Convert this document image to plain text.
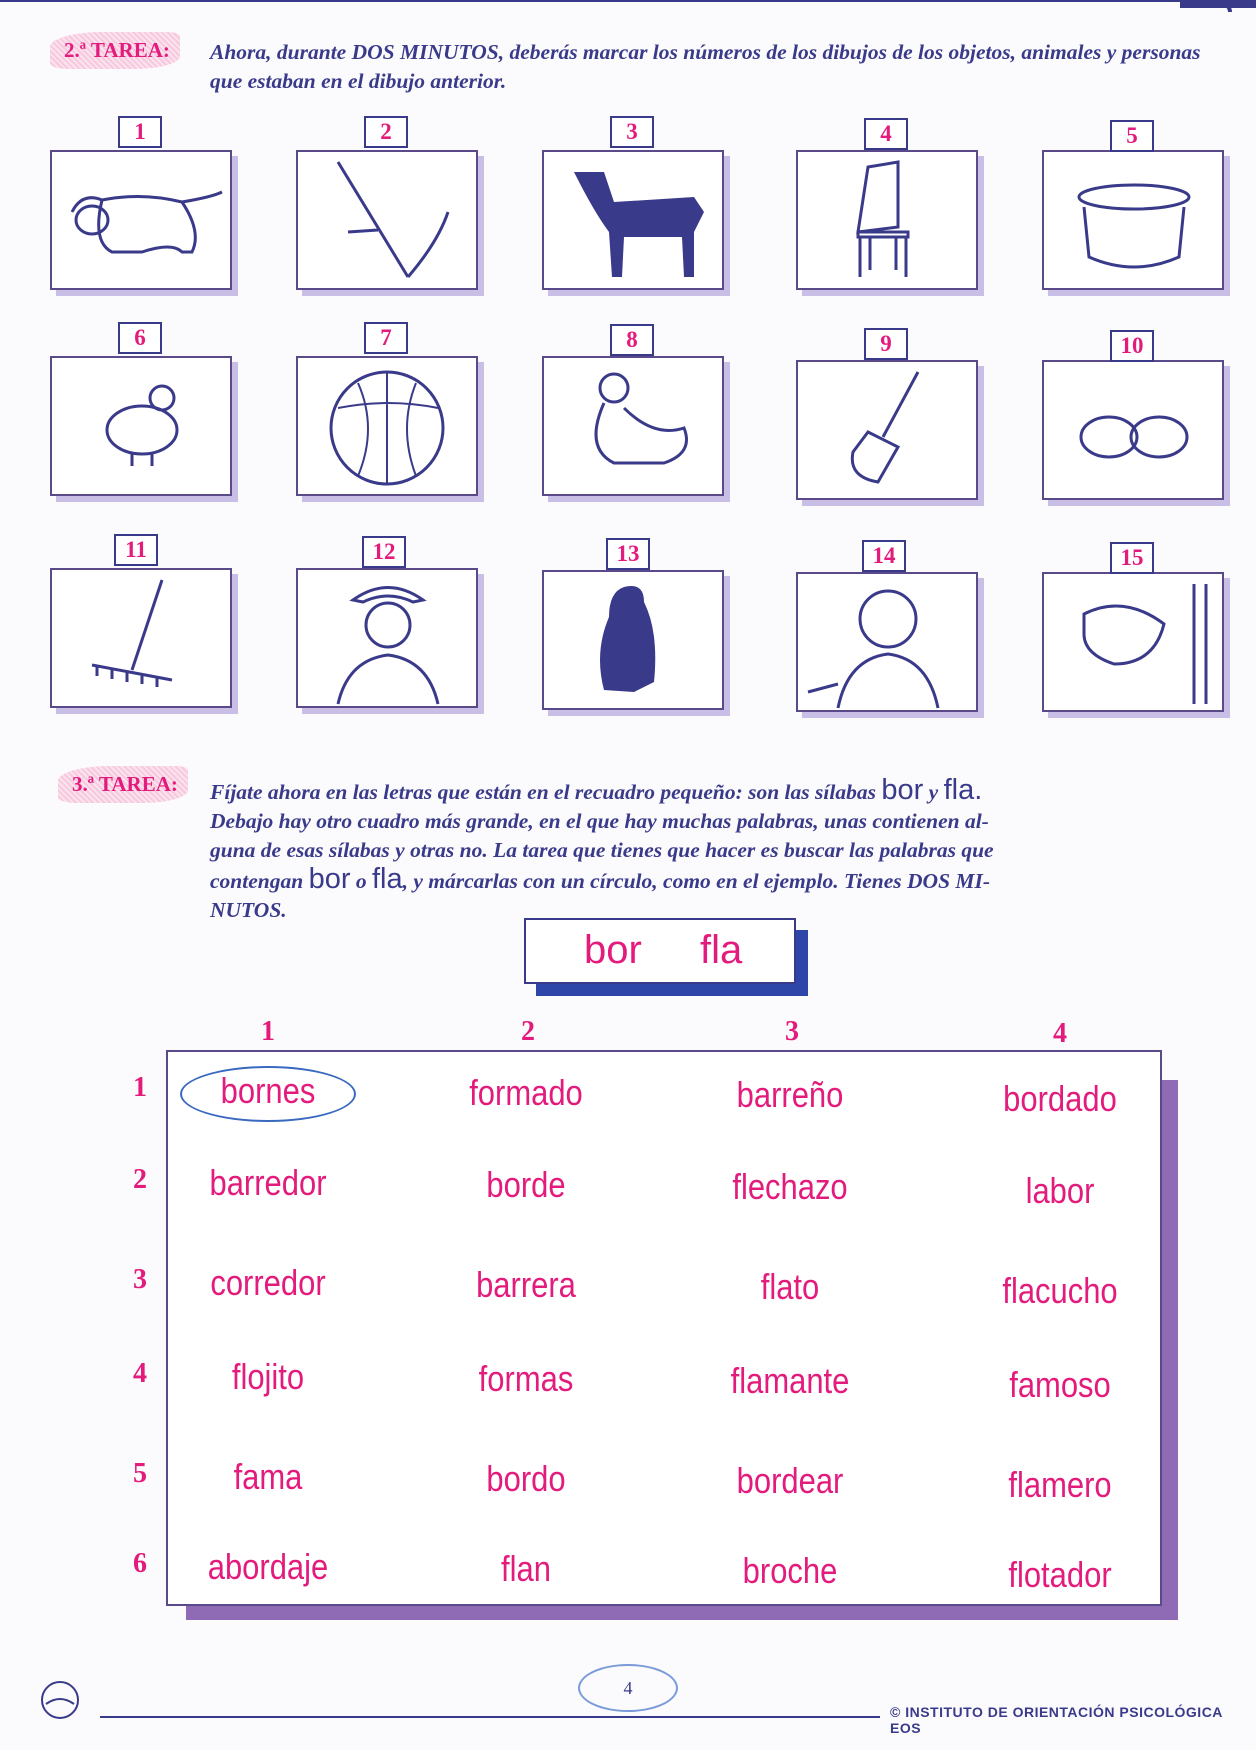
2.ª TAREA:	Ahora, durante DOS MINUTOS, deberás marcar los números de los dibujos de los objetos, animales y personas que estaban en el dibujo anterior.
1	2	3	4	5
6	7	8	9	10
11	12	13	14	15
3.ª TAREA:	Fíjate ahora en las letras que están en el recuadro pequeño: son las sílabas bor y fla.
Debajo hay otro cuadro más grande, en el que hay muchas palabras, unas contienen al-
guna de esas sílabas y otras no. La tarea que tienes que hacer es buscar las palabras que
contengan bor o fla, y márcarlas con un círculo, como en el ejemplo. Tienes DOS MI-
NUTOS.
bor fla
1	2	3	4
1
2
3
4
5
6
bornes	formado	barreño	bordado
barredor	borde	flechazo	labor
corredor	barrera	flato	flacucho
flojito	formas	flamante	famoso
fama	bordo	bordear	flamero
abordaje	flan	broche	flotador
4
© INSTITUTO DE ORIENTACIÓN PSICOLÓGICA EOS
